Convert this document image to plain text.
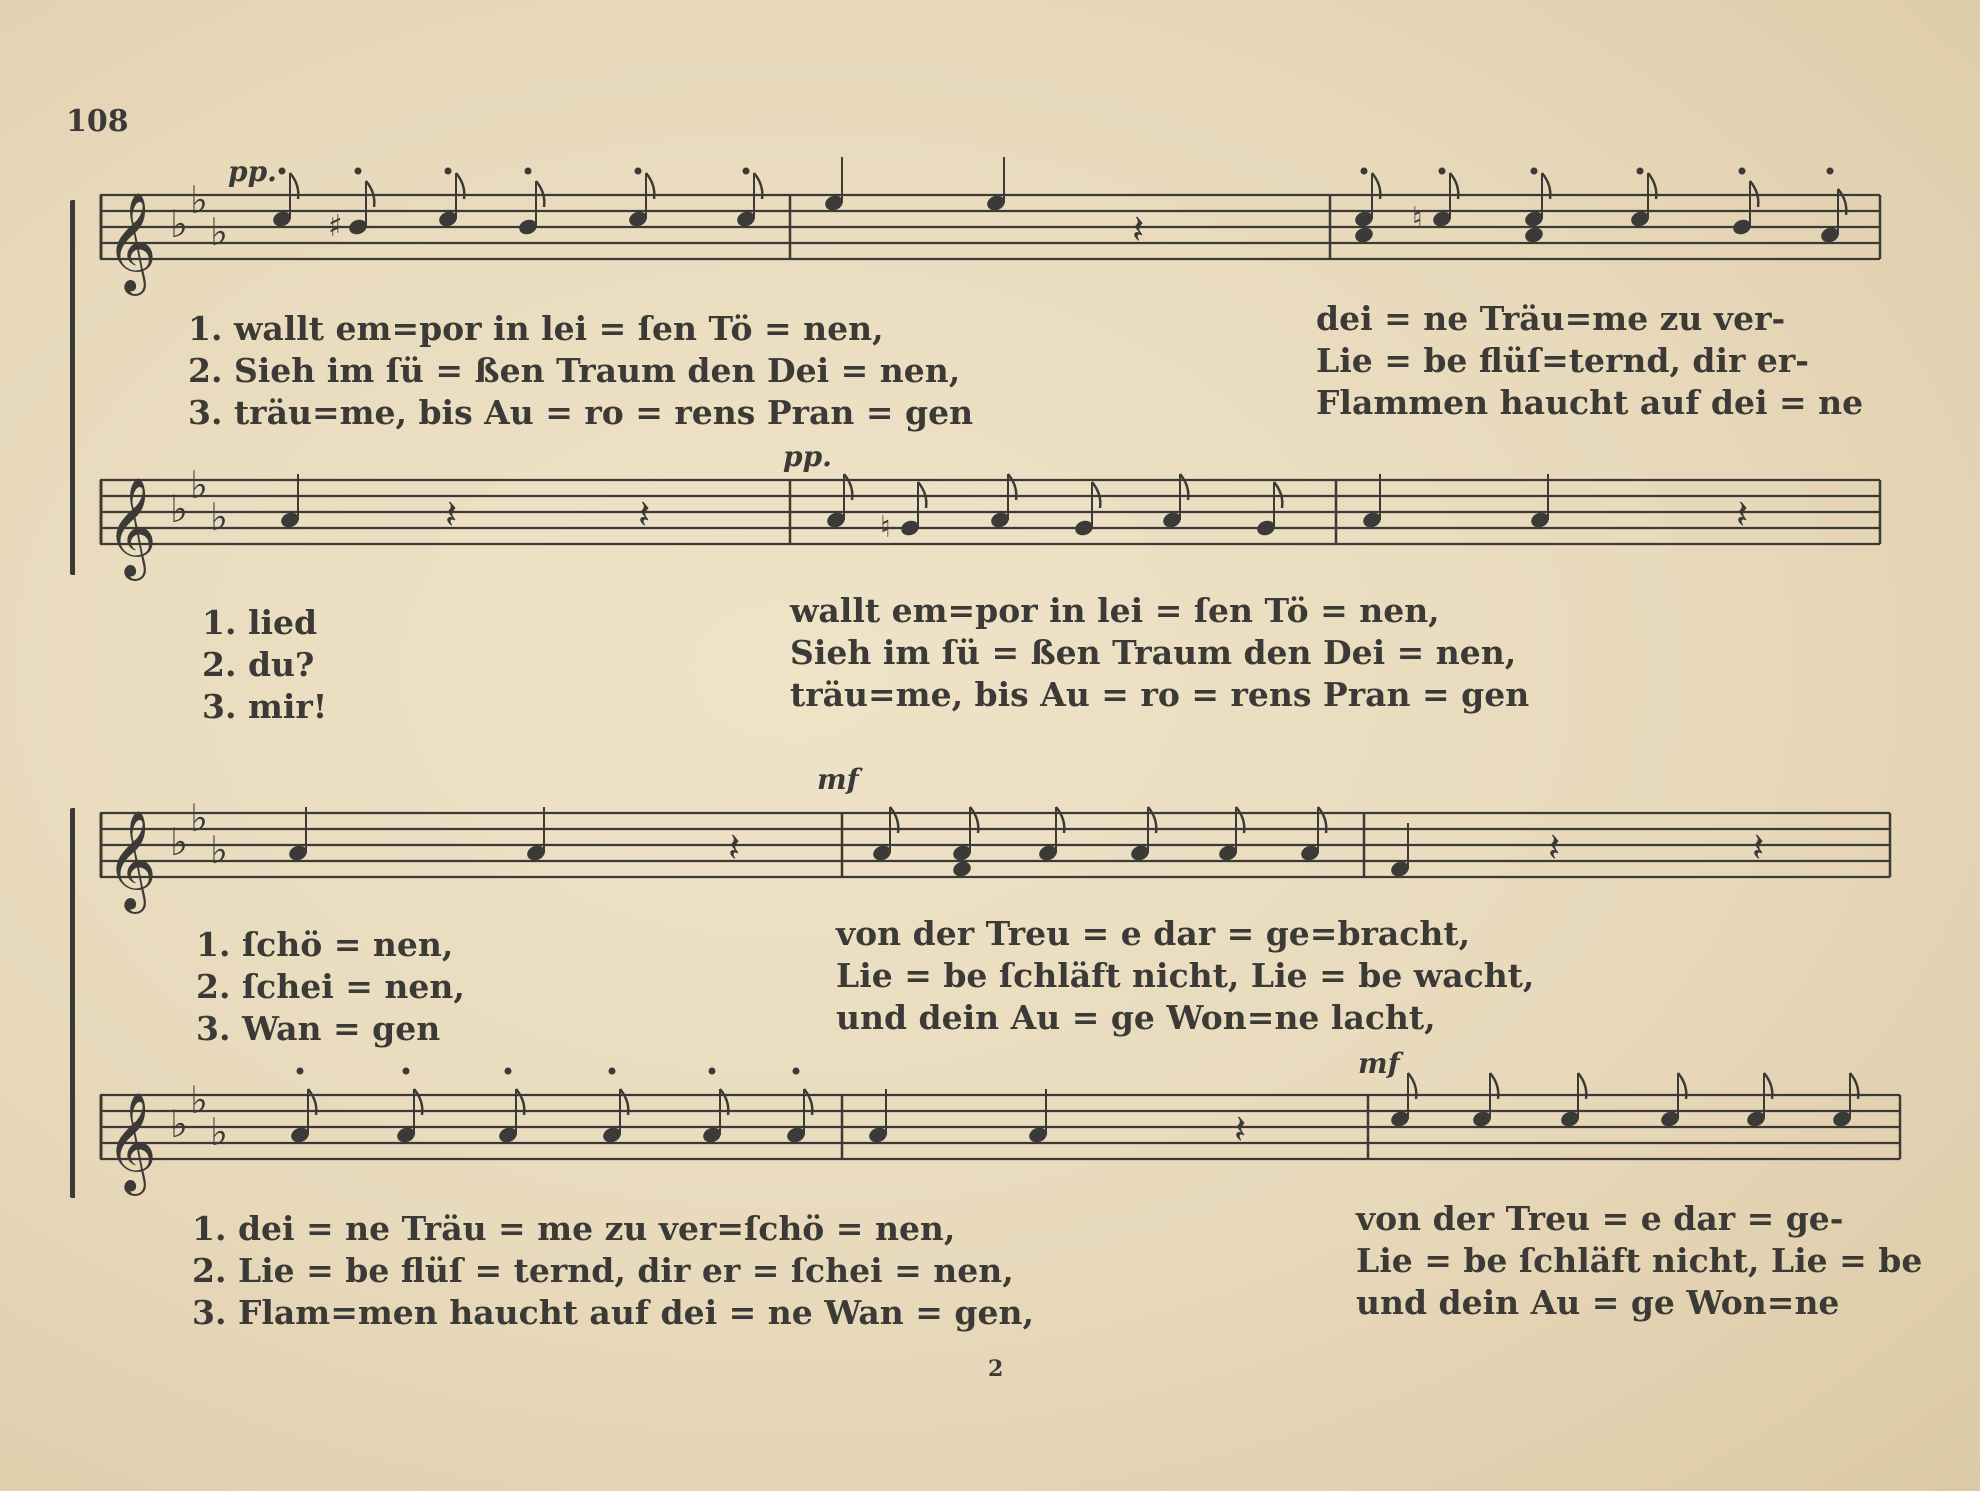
108
𝄞 ♭
♭
♭	♯	𝄽	♮
𝄞 ♭
♭
♭	𝄽	𝄽	♮	𝄽
𝄞 ♭
♭
♭	𝄽	𝄽	𝄽
𝄞 ♭
♭
♭	𝄽
pp.
pp.
mf
mf
1. wallt em=por in lei = ſen Tö = nen,
2. Sieh im ſü = ßen Traum den Dei = nen,
3. träu=me, bis Au = ro = rens Pran = gen
dei = ne Träu=me zu ver-
Lie = be flüſ=ternd, dir er-
Flammen haucht auf dei = ne
1. lied
2. du?
3. mir!
wallt em=por in lei = ſen Tö = nen,
Sieh im ſü = ßen Traum den Dei = nen,
träu=me, bis Au = ro = rens Pran = gen
1. ſchö = nen,
2. ſchei = nen,
3. Wan = gen
von der Treu = e dar = ge=bracht,
Lie = be ſchläft nicht, Lie = be wacht,
und dein Au = ge Won=ne lacht,
1. dei = ne Träu = me zu ver=ſchö = nen,
2. Lie = be flüſ = ternd, dir er = ſchei = nen,
3. Flam=men haucht auf dei = ne Wan = gen,
von der Treu = e dar = ge-
Lie = be ſchläft nicht, Lie = be
und dein Au = ge Won=ne
2
